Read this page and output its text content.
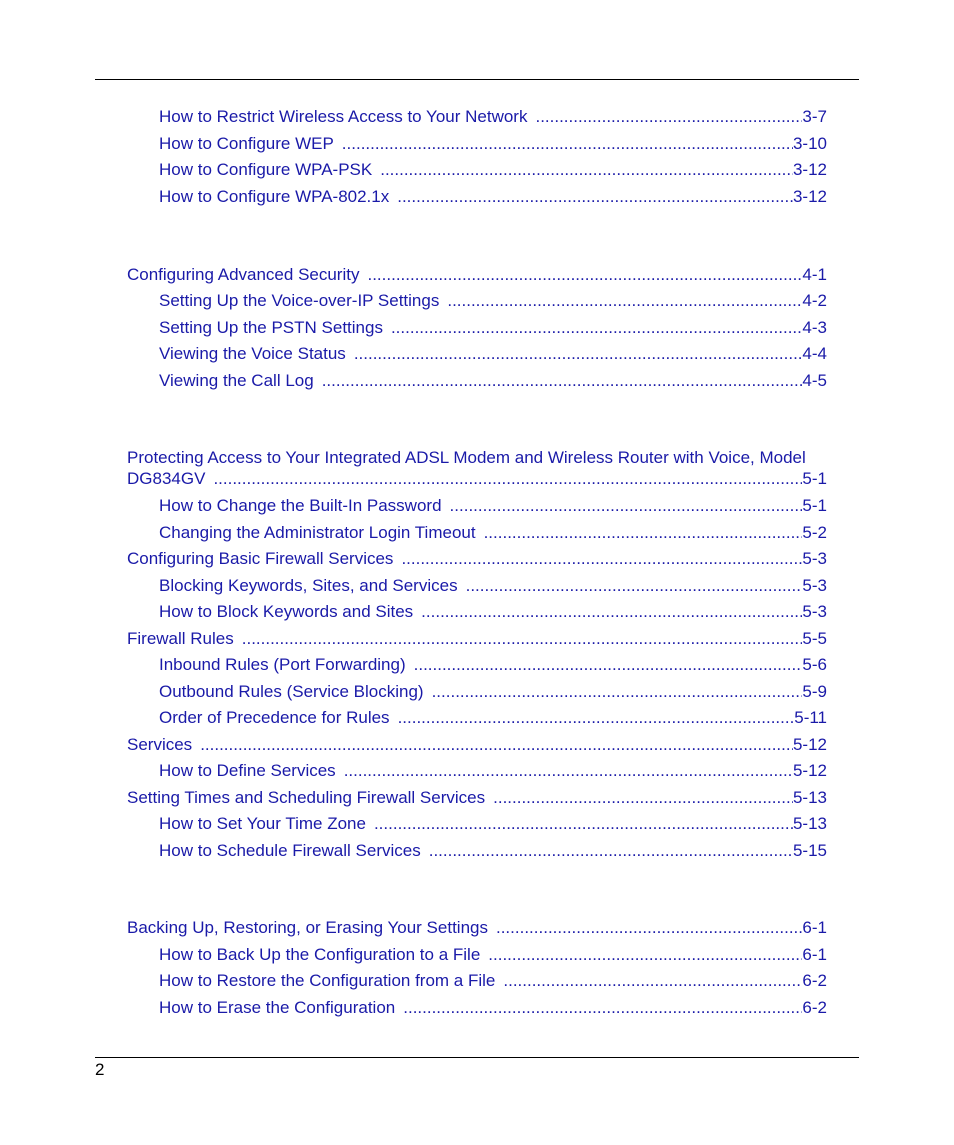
How to Restrict Wireless Access to Your Network .....	3-7
How to Configure WEP .....	3-10
How to Configure WPA-PSK .....	3-12
How to Configure WPA-802.1x .....	3-12
Configuring Advanced Security .....	4-1
Setting Up the Voice-over-IP Settings .....	4-2
Setting Up the PSTN Settings .....	4-3
Viewing the Voice Status .....	4-4
Viewing the Call Log .....	4-5
Protecting Access to Your Integrated ADSL Modem and Wireless Router with Voice, Model
DG834GV .....	5-1
How to Change the Built-In Password .....	5-1
Changing the Administrator Login Timeout .....	5-2
Configuring Basic Firewall Services .....	5-3
Blocking Keywords, Sites, and Services .....	5-3
How to Block Keywords and Sites .....	5-3
Firewall Rules .....	5-5
Inbound Rules (Port Forwarding) .....	5-6
Outbound Rules (Service Blocking) .....	5-9
Order of Precedence for Rules .....	5-11
Services .....	5-12
How to Define Services .....	5-12
Setting Times and Scheduling Firewall Services .....	5-13
How to Set Your Time Zone .....	5-13
How to Schedule Firewall Services .....	5-15
Backing Up, Restoring, or Erasing Your Settings .....	6-1
How to Back Up the Configuration to a File .....	6-1
How to Restore the Configuration from a File .....	6-2
How to Erase the Configuration .....	6-2
2
